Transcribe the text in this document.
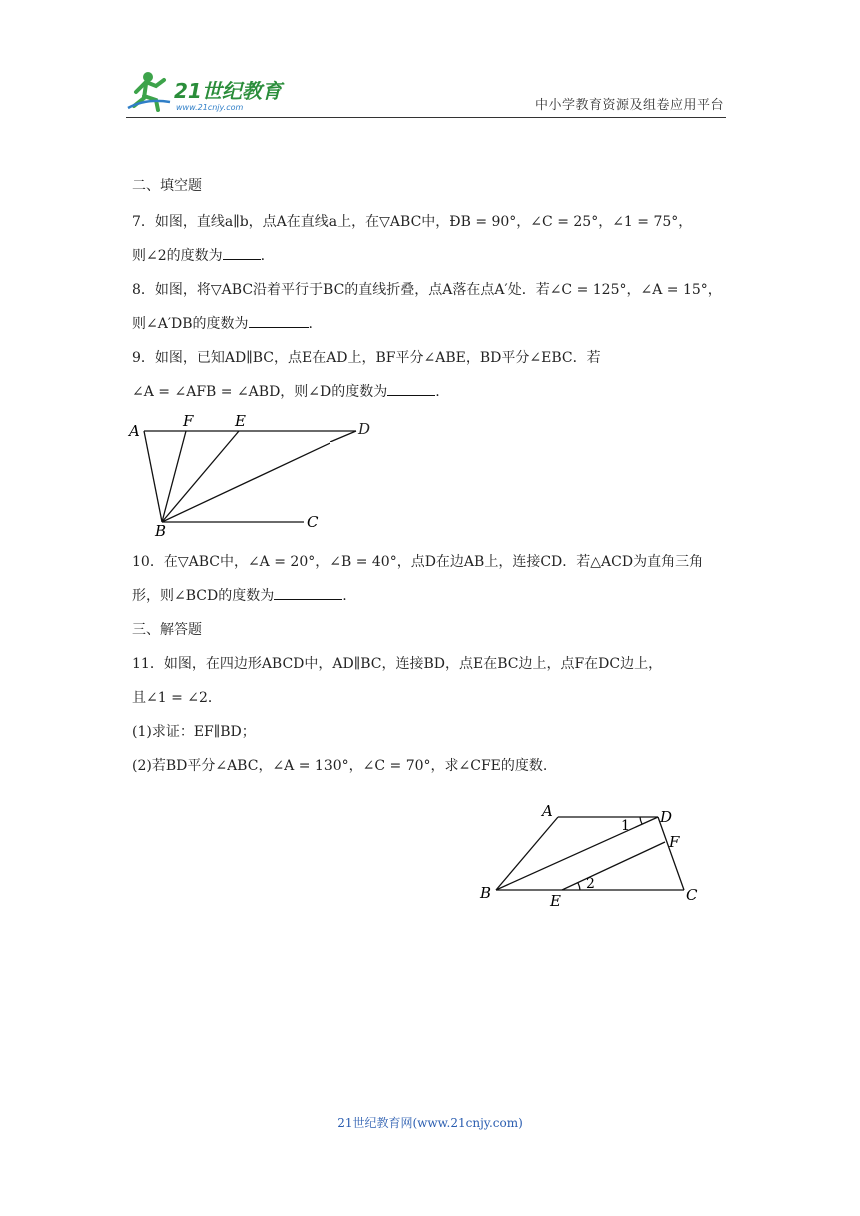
21世纪教育
www.21cnjy.com	中小学教育资源及组卷应用平台
二、填空题
7．如图，直线a∥b，点A在直线a上，在▽ABC中，ÐB = 90°，∠C = 25°，∠1 = 75°，
则∠2的度数为	.
8．如图，将▽ABC沿着平行于BC的直线折叠，点A落在点A′处．若∠C = 125°，∠A = 15°，
则∠A′DB的度数为	.
9．如图，已知AD∥BC，点E在AD上，BF平分∠ABE，BD平分∠EBC．若
∠A = ∠AFB = ∠ABD，则∠D的度数为	.
10．在▽ABC中，∠A = 20°，∠B = 40°，点D在边AB上，连接CD．若△ACD为直角三角
形，则∠BCD的度数为	.
三、解答题
11．如图，在四边形ABCD中，AD∥BC，连接BD，点E在BC边上，点F在DC边上，
且∠1 = ∠2．
(1)求证：EF∥BD；
(2)若BD平分∠ABC，∠A = 130°，∠C = 70°，求∠CFE的度数.
A
F	E
B	C
D
A	D
F
B	E	C
1
2
21世纪教育网(www.21cnjy.com)
